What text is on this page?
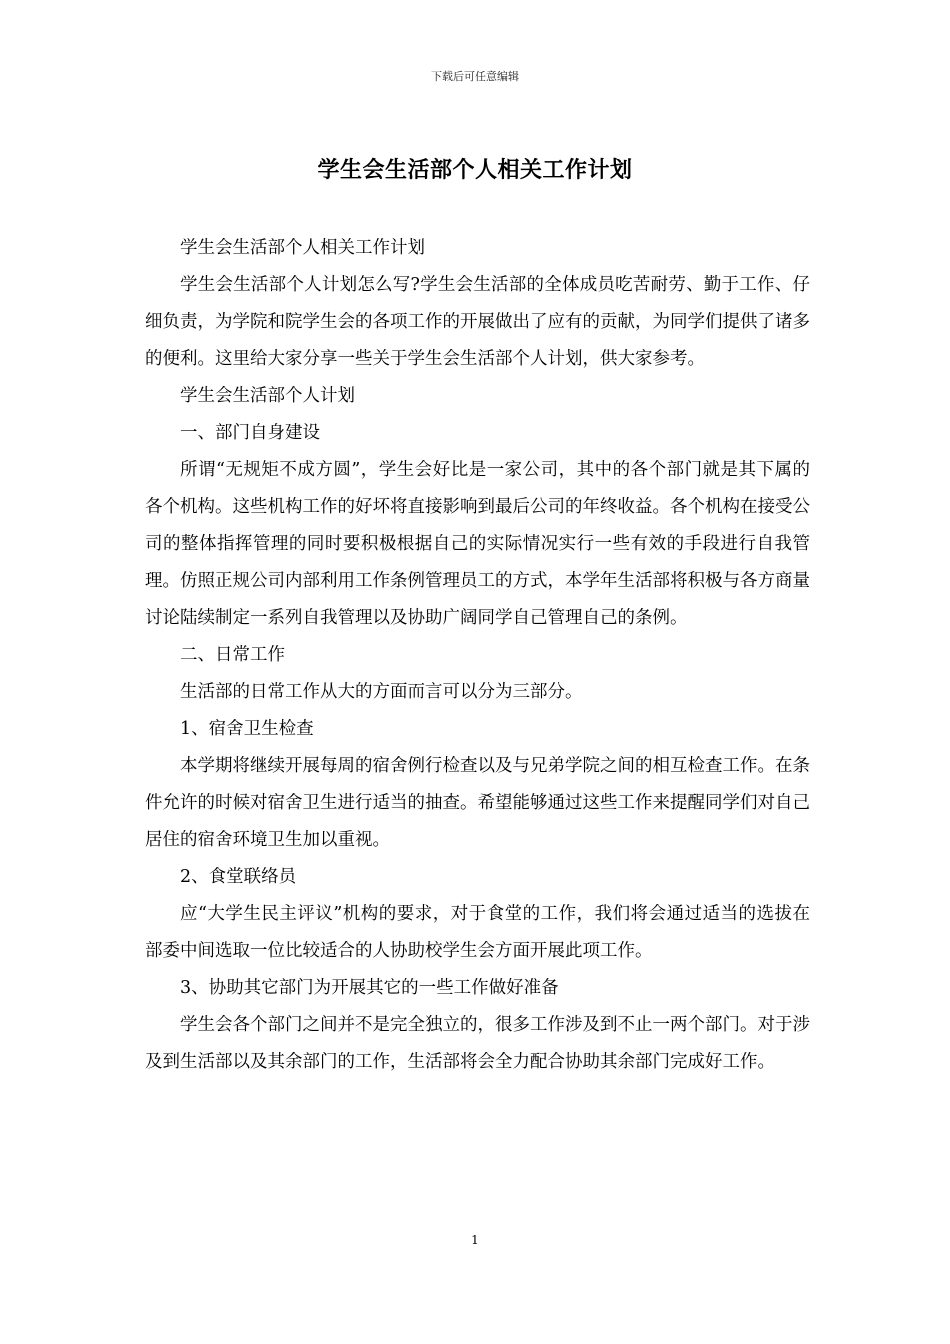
下载后可任意编辑
学生会生活部个人相关工作计划

学生会生活部个人相关工作计划

学生会生活部个人计划怎么写?学生会生活部的全体成员吃苦耐劳、勤于工作、仔细负责，为学院和院学生会的各项工作的开展做出了应有的贡献，为同学们提供了诸多的便利。这里给大家分享一些关于学生会生活部个人计划，供大家参考。

学生会生活部个人计划

一、部门自身建设

所谓“无规矩不成方圆”，学生会好比是一家公司，其中的各个部门就是其下属的各个机构。这些机构工作的好坏将直接影响到最后公司的年终收益。各个机构在接受公司的整体指挥管理的同时要积极根据自己的实际情况实行一些有效的手段进行自我管理。仿照正规公司内部利用工作条例管理员工的方式，本学年生活部将积极与各方商量讨论陆续制定一系列自我管理以及协助广阔同学自己管理自己的条例。

二、日常工作

生活部的日常工作从大的方面而言可以分为三部分。

1、宿舍卫生检查

本学期将继续开展每周的宿舍例行检查以及与兄弟学院之间的相互检查工作。在条件允许的时候对宿舍卫生进行适当的抽查。希望能够通过这些工作来提醒同学们对自己居住的宿舍环境卫生加以重视。

2、食堂联络员

应“大学生民主评议”机构的要求，对于食堂的工作，我们将会通过适当的选拔在部委中间选取一位比较适合的人协助校学生会方面开展此项工作。

3、协助其它部门为开展其它的一些工作做好准备

学生会各个部门之间并不是完全独立的，很多工作涉及到不止一两个部门。对于涉及到生活部以及其余部门的工作，生活部将会全力配合协助其余部门完成好工作。

1
